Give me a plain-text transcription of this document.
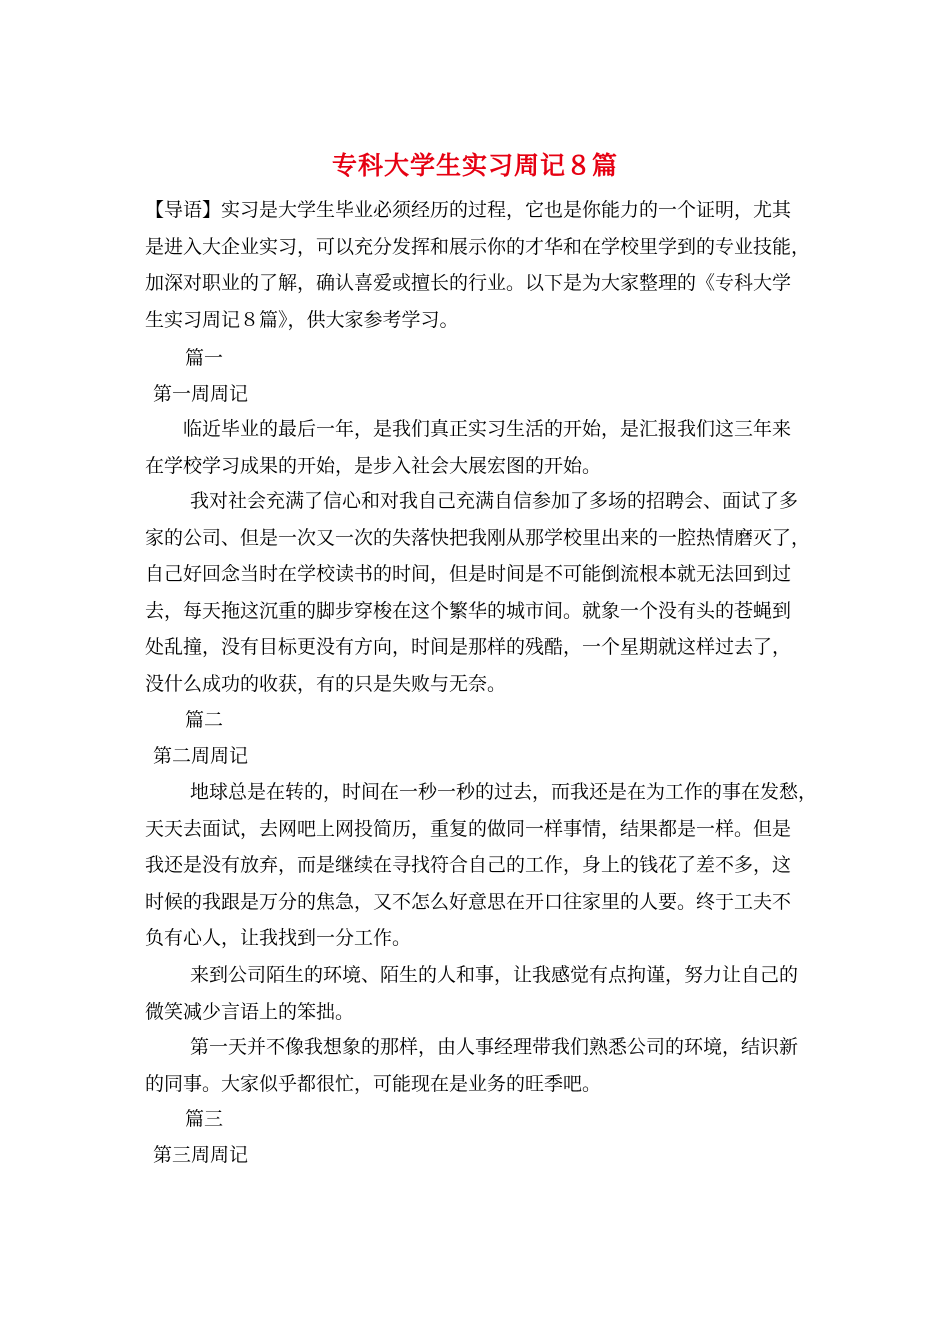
专科大学生实习周记８篇
【导语】实习是大学生毕业必须经历的过程，它也是你能力的一个证明，尤其
是进入大企业实习，可以充分发挥和展示你的才华和在学校里学到的专业技能，
加深对职业的了解，确认喜爱或擅长的行业。以下是为大家整理的《专科大学
生实习周记８篇》，供大家参考学习。
篇一
第一周周记
临近毕业的最后一年，是我们真正实习生活的开始，是汇报我们这三年来
在学校学习成果的开始，是步入社会大展宏图的开始。
我对社会充满了信心和对我自己充满自信参加了多场的招聘会、面试了多
家的公司、但是一次又一次的失落快把我刚从那学校里出来的一腔热情磨灭了，
自己好回念当时在学校读书的时间，但是时间是不可能倒流根本就无法回到过
去，每天拖这沉重的脚步穿梭在这个繁华的城市间。就象一个没有头的苍蝇到
处乱撞，没有目标更没有方向，时间是那样的残酷，一个星期就这样过去了，
没什么成功的收获，有的只是失败与无奈。
篇二
第二周周记
地球总是在转的，时间在一秒一秒的过去，而我还是在为工作的事在发愁，
天天去面试，去网吧上网投简历，重复的做同一样事情，结果都是一样。但是
我还是没有放弃，而是继续在寻找符合自己的工作，身上的钱花了差不多，这
时候的我跟是万分的焦急，又不怎么好意思在开口往家里的人要。终于工夫不
负有心人，让我找到一分工作。
来到公司陌生的环境、陌生的人和事，让我感觉有点拘谨，努力让自己的
微笑减少言语上的笨拙。
第一天并不像我想象的那样，由人事经理带我们熟悉公司的环境，结识新
的同事。大家似乎都很忙，可能现在是业务的旺季吧。
篇三
第三周周记
